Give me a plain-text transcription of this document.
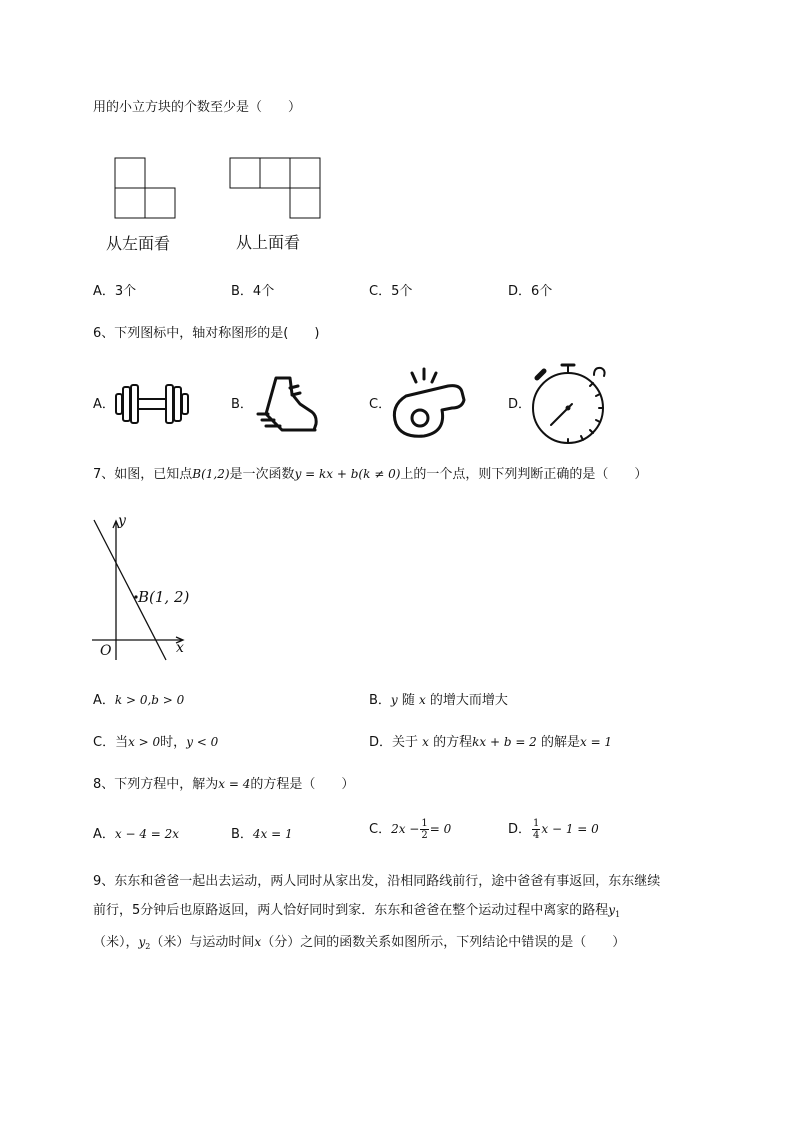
用的小立方块的个数至少是（　　）
从左面看	从上面看
A．3个	B．4个	C．5个	D．6个
6、下列图标中，轴对称图形的是(　　)
A．	B．	C．	D．
7、如图，已知点B(1,2)是一次函数y = kx + b(k ≠ 0)上的一个点，则下列判断正确的是（　　）
y
x
O
B(1, 2)
A．k > 0,b > 0	B．y 随 x 的增大而增大
C．当x > 0时，y < 0	D．关于 x 的方程kx + b = 2 的解是x = 1
8、下列方程中，解为x = 4的方程是（　　）
A．x − 4 = 2x	B．4x = 1	C．$2x - \frac{1}{2} = 0$	D． $\frac{1}{4}$ x − 1 = 0
9、东东和爸爸一起出去运动，两人同时从家出发，沿相同路线前行，途中爸爸有事返回，东东继续
前行，5分钟后也原路返回，两人恰好同时到家．东东和爸爸在整个运动过程中离家的路程$y_1$
（米），$y_2$（米）与运动时间x（分）之间的函数关系如图所示，下列结论中错误的是（　　）
